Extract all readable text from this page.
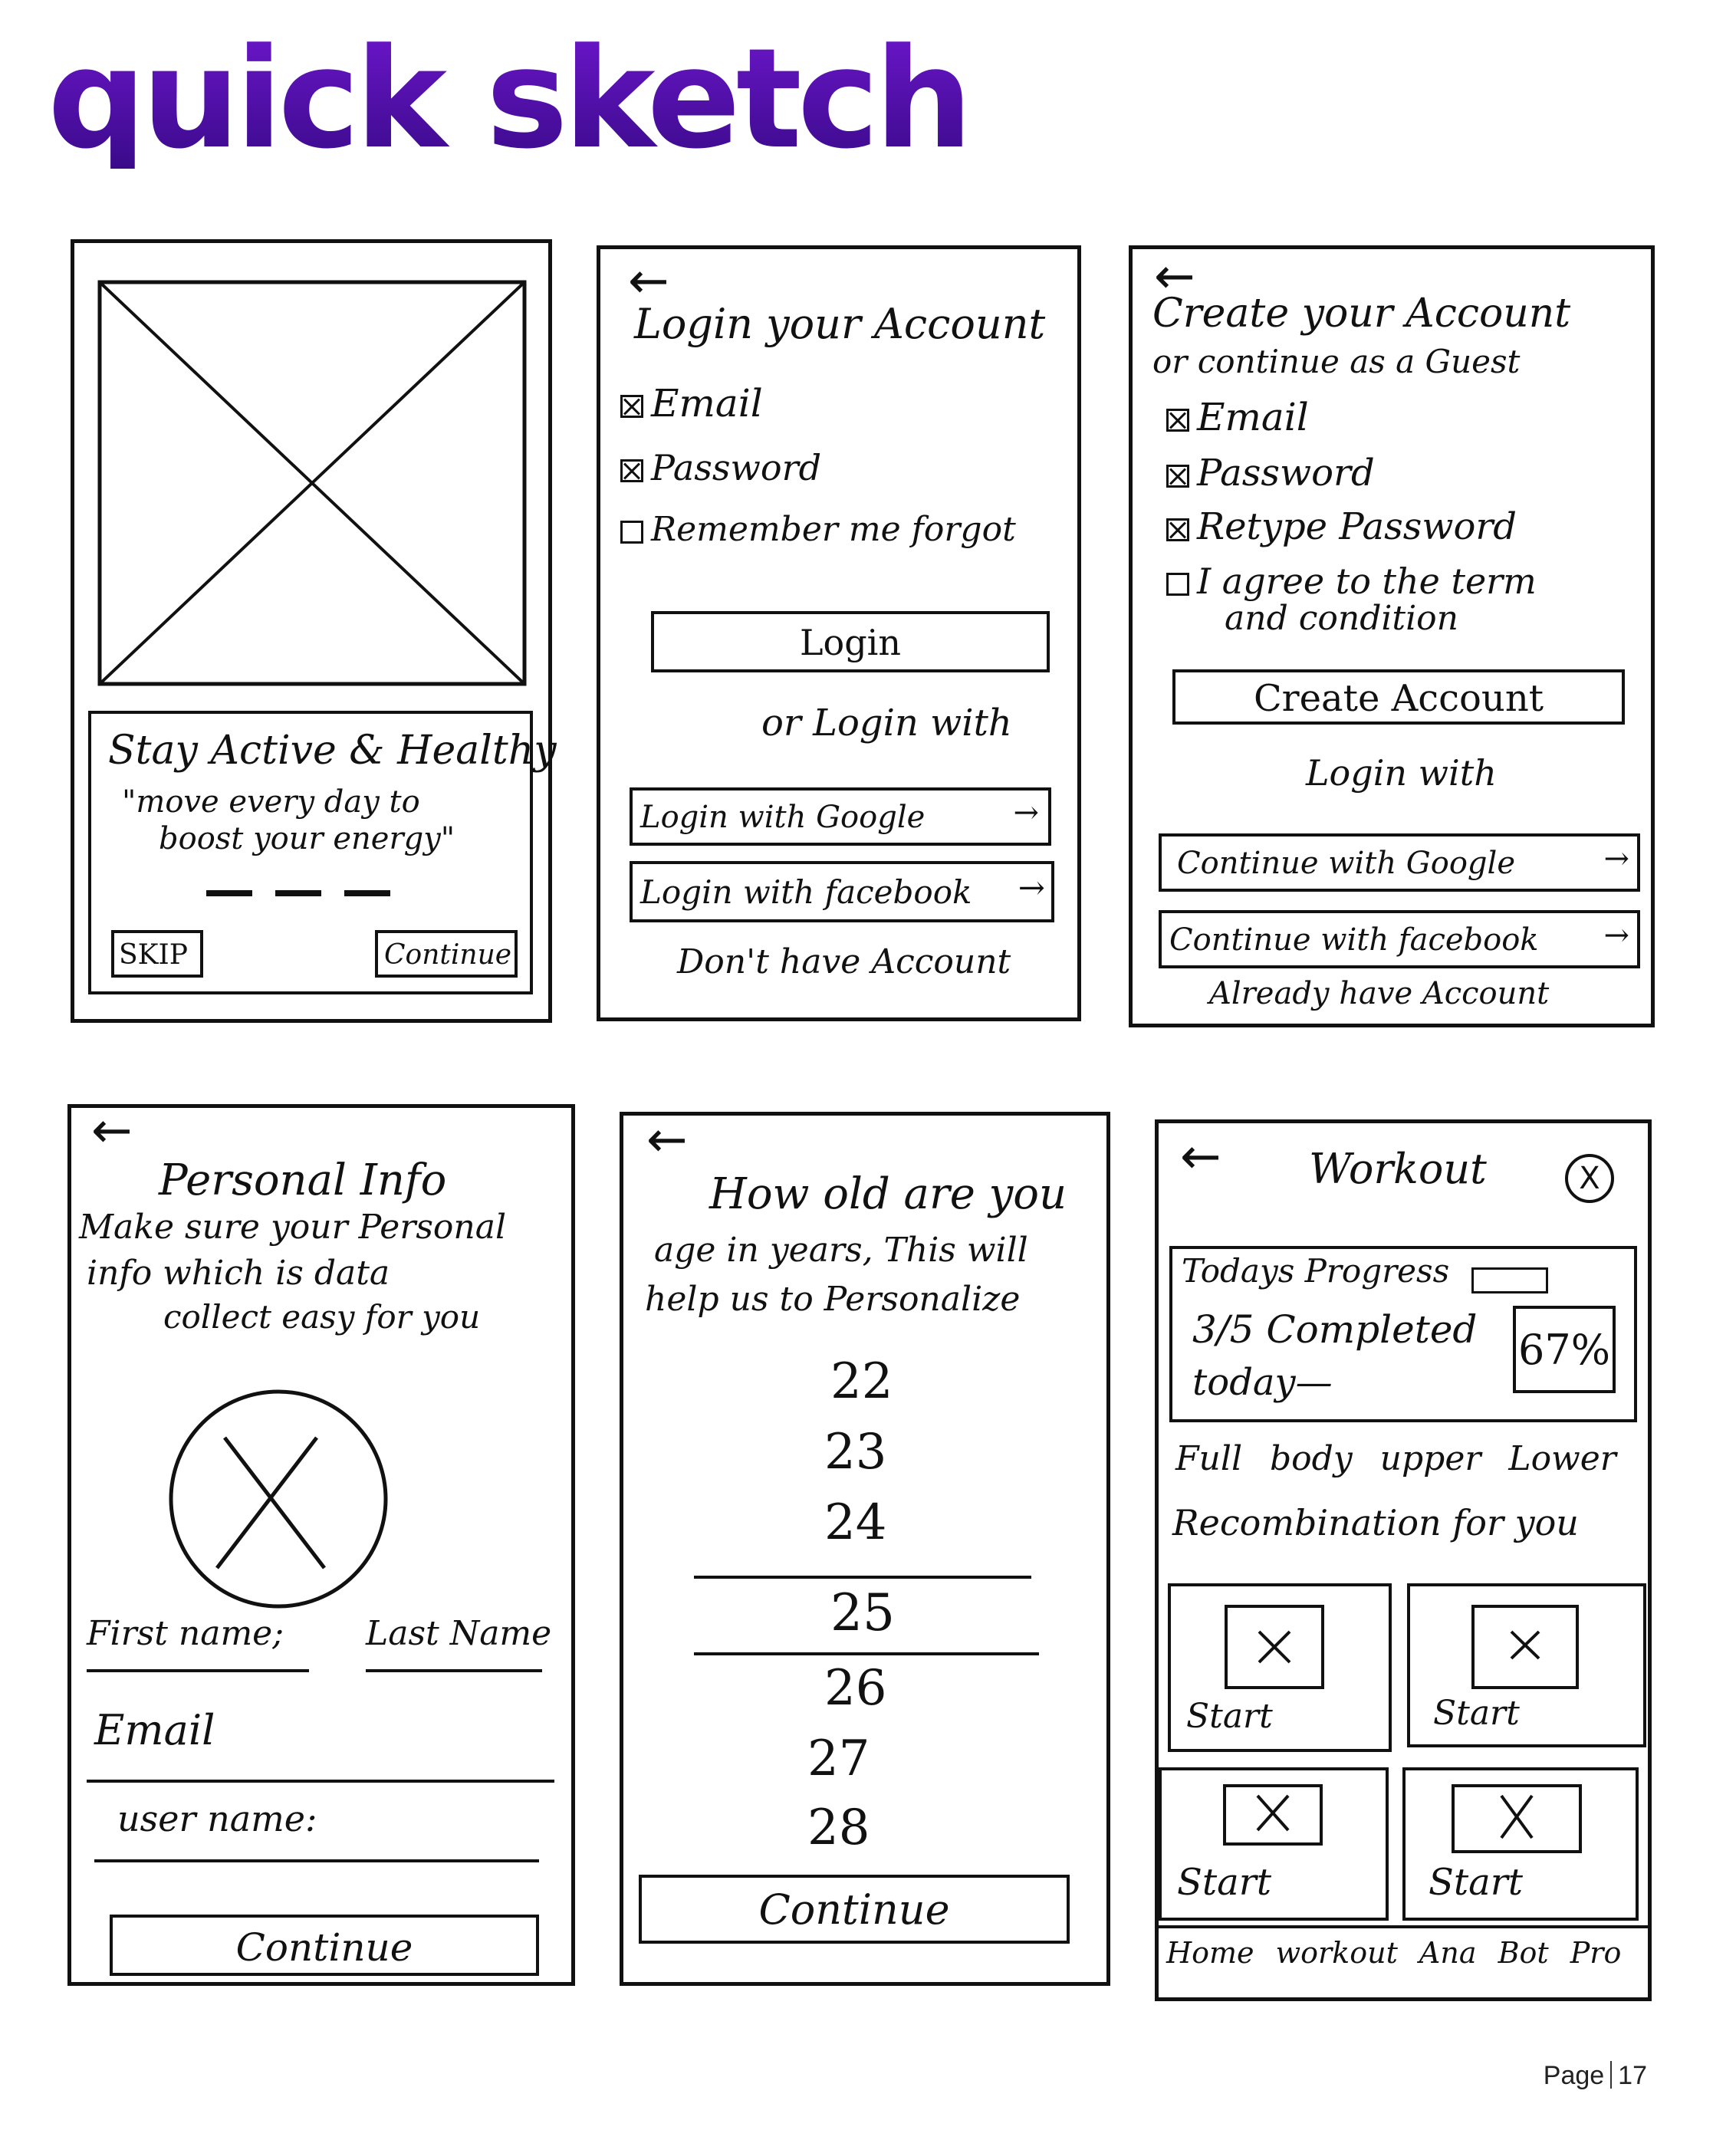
quick sketch
Stay Active & Healthy
"move every day to
boost your energy"
SKIP	Continue
←
Login your Account
Email
Password
Remember me forgot
Login
or Login with
Login with Google	→
Login with facebook →
Don't have Account
←
Create your Account
or continue as a Guest
Email
Password
Retype Password
I agree to the term
and condition
Create Account
Login with
Continue with Google	→
Continue with facebook →
Already have Account
←
Personal Info
Make sure your Personal
info which is data
collect easy for you
First name; Last Name
Email
user name:
Continue
←
How old are you
age in years, This will
help us to Personalize
22
23
24
25
26
27
28
Continue
← Workout	X
Todays Progress
3/5 Completed
today—
67%
Full body upper Lower
Recombination for you
Start	Start
Start	Start
Home workout Ana Bot Pro
Page 17
